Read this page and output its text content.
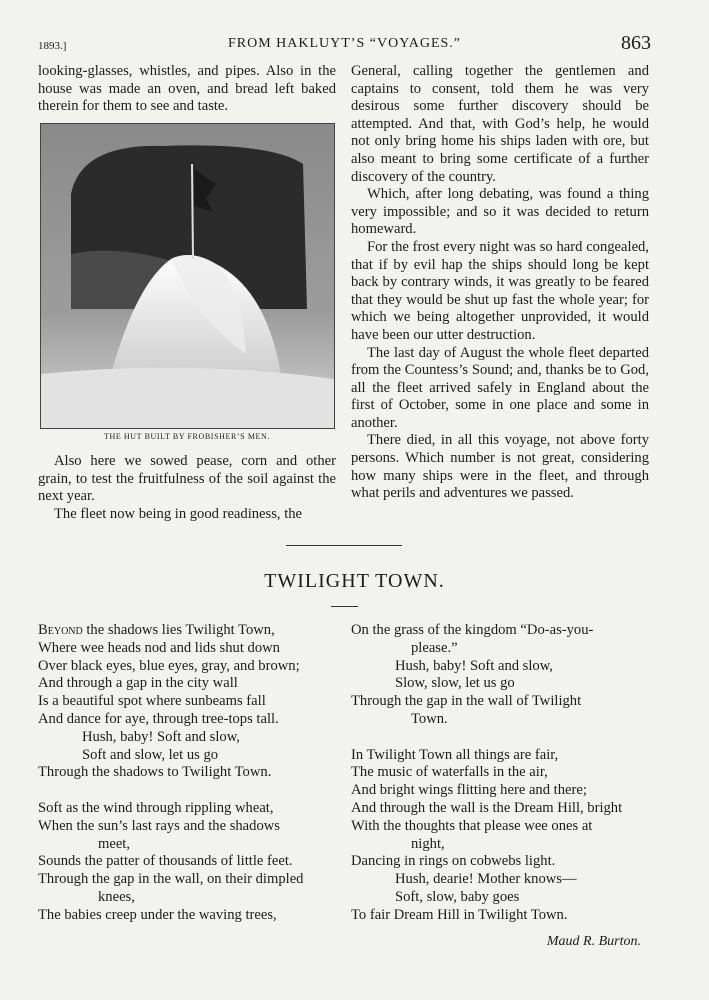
1893.]	FROM HAKLUYT’S “VOYAGES.”	863

looking-glasses, whistles, and pipes. Also in the house was made an oven, and bread left baked therein for them to see and taste.

THE HUT BUILT BY FROBISHER’S MEN.

Also here we sowed pease, corn and other grain, to test the fruitfulness of the soil against the next year.

The fleet now being in good readiness, the

General, calling together the gentlemen and captains to consent, told them he was very desirous some further discovery should be attempted. And that, with God’s help, he would not only bring home his ships laden with ore, but also meant to bring some certificate of a further discovery of the country.

Which, after long debating, was found a thing very impossible; and so it was decided to return homeward.

For the frost every night was so hard congealed, that if by evil hap the ships should long be kept back by contrary winds, it was greatly to be feared that they would be shut up fast the whole year; for which we being altogether unprovided, it would have been our utter destruction.

The last day of August the whole fleet departed from the Countess’s Sound; and, thanks be to God, all the fleet arrived safely in England about the first of October, some in one place and some in another.

There died, in all this voyage, not above forty persons. Which number is not great, considering how many ships were in the fleet, and through what perils and adventures we passed.

TWILIGHT TOWN.
Beyond the shadows lies Twilight Town,
Where wee heads nod and lids shut down
Over black eyes, blue eyes, gray, and brown;
And through a gap in the city wall
Is a beautiful spot where sunbeams fall
And dance for aye, through tree-tops tall.
Hush, baby! Soft and slow,
Soft and slow, let us go
Through the shadows to Twilight Town.
Soft as the wind through rippling wheat,
When the sun’s last rays and the shadows
meet,
Sounds the patter of thousands of little feet.
Through the gap in the wall, on their dimpled
knees,
The babies creep under the waving trees,
On the grass of the kingdom “Do-as-you-
please.”
Hush, baby! Soft and slow,
Slow, slow, let us go
Through the gap in the wall of Twilight
Town.
In Twilight Town all things are fair,
The music of waterfalls in the air,
And bright wings flitting here and there;
And through the wall is the Dream Hill, bright
With the thoughts that please wee ones at
night,
Dancing in rings on cobwebs light.
Hush, dearie! Mother knows—
Soft, slow, baby goes
To fair Dream Hill in Twilight Town.
Maud R. Burton.
